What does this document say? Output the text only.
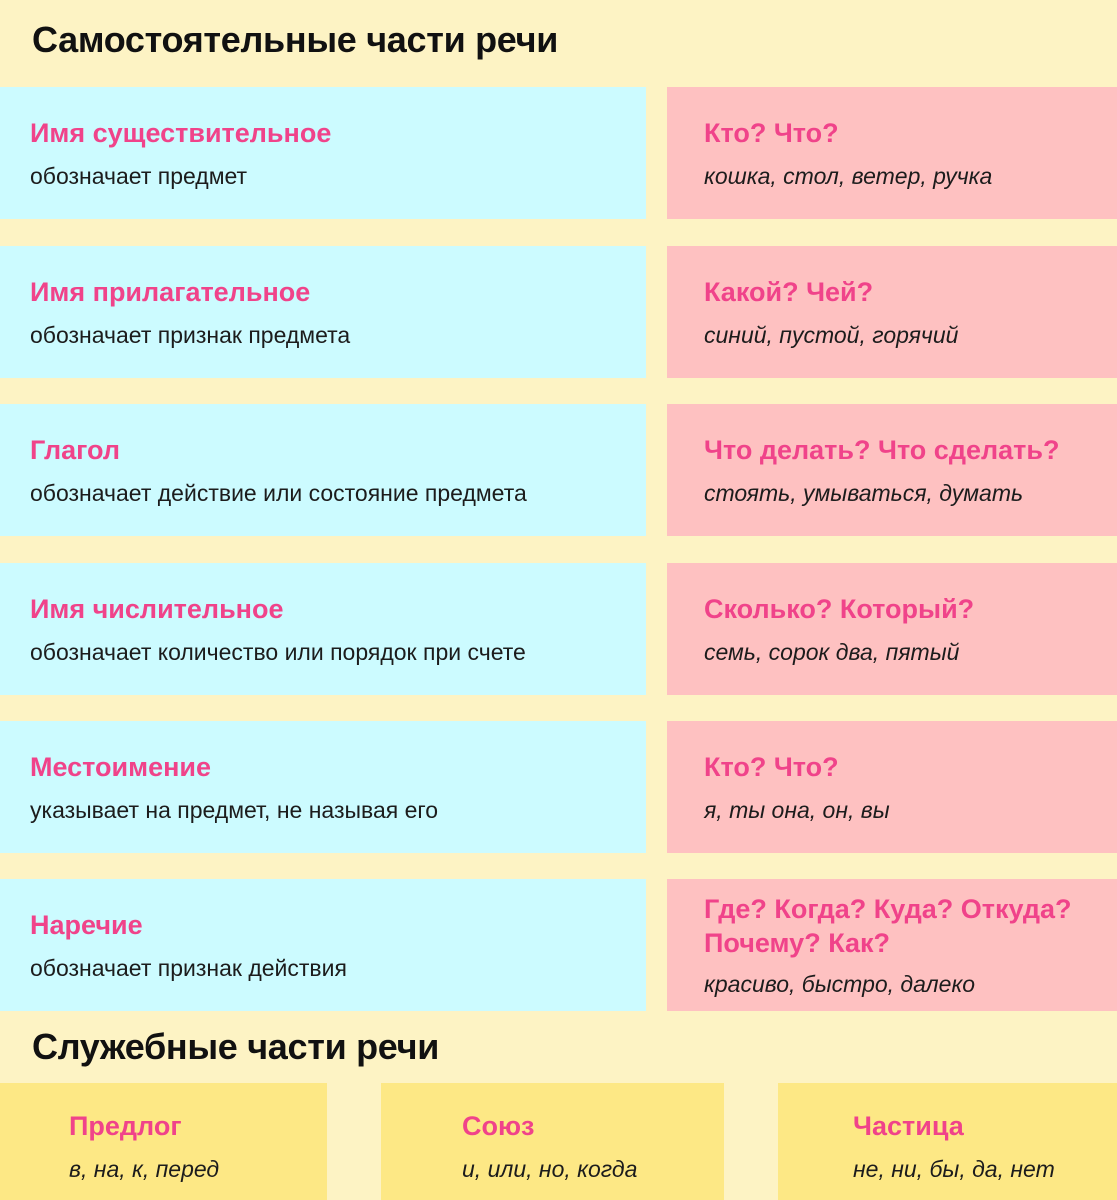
Самостоятельные части речи

Имя существительное

обозначает предмет

Кто? Что?

кошка, стол, ветер, ручка

Имя прилагательное

обозначает признак предмета

Какой? Чей?

синий, пустой, горячий

Глагол

обозначает действие или состояние предмета

Что делать? Что сделать?

стоять, умываться, думать

Имя числительное

обозначает количество или порядок при счете

Сколько? Который?

семь, сорок два, пятый

Местоимение

указывает на предмет, не называя его

Кто? Что?

я, ты она, он, вы

Наречие

обозначает признак действия

Где? Когда? Куда? Откуда? Почему? Как?

красиво, быстро, далеко

Служебные части речи

Предлог

в, на, к, перед

Союз

и, или, но, когда

Частица

не, ни, бы, да, нет
